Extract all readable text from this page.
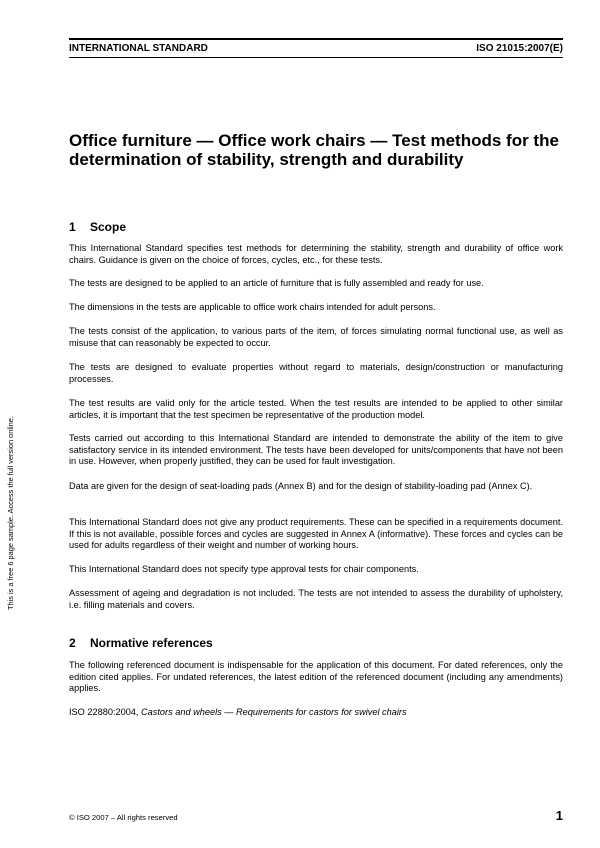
INTERNATIONAL STANDARD	ISO 21015:2007(E)
Office furniture — Office work chairs — Test methods for the determination of stability, strength and durability
This is a free 6 page sample. Access the full version online.
1 Scope

This International Standard specifies test methods for determining the stability, strength and durability of office work chairs. Guidance is given on the choice of forces, cycles, etc., for these tests.

The tests are designed to be applied to an article of furniture that is fully assembled and ready for use.

The dimensions in the tests are applicable to office work chairs intended for adult persons.

The tests consist of the application, to various parts of the item, of forces simulating normal functional use, as well as misuse that can reasonably be expected to occur.

The tests are designed to evaluate properties without regard to materials, design/construction or manufacturing processes.

The test results are valid only for the article tested. When the test results are intended to be applied to other similar articles, it is important that the test specimen be representative of the production model.

Tests carried out according to this International Standard are intended to demonstrate the ability of the item to give satisfactory service in its intended environment. The tests have been developed for units/components that have not been in use. However, when properly justified, they can be used for fault investigation.

Data are given for the design of seat-loading pads (Annex B) and for the design of stability-loading pad (Annex C).

This International Standard does not give any product requirements. These can be specified in a requirements document. If this is not available, possible forces and cycles are suggested in Annex A (informative). These forces and cycles can be used for adults regardless of their weight and number of working hours.

This International Standard does not specify type approval tests for chair components.

Assessment of ageing and degradation is not included. The tests are not intended to assess the durability of upholstery, i.e. filling materials and covers.

2 Normative references

The following referenced document is indispensable for the application of this document. For dated references, only the edition cited applies. For undated references, the latest edition of the referenced document (including any amendments) applies.

ISO 22880:2004, Castors and wheels — Requirements for castors for swivel chairs

© ISO 2007 – All rights reserved	1
